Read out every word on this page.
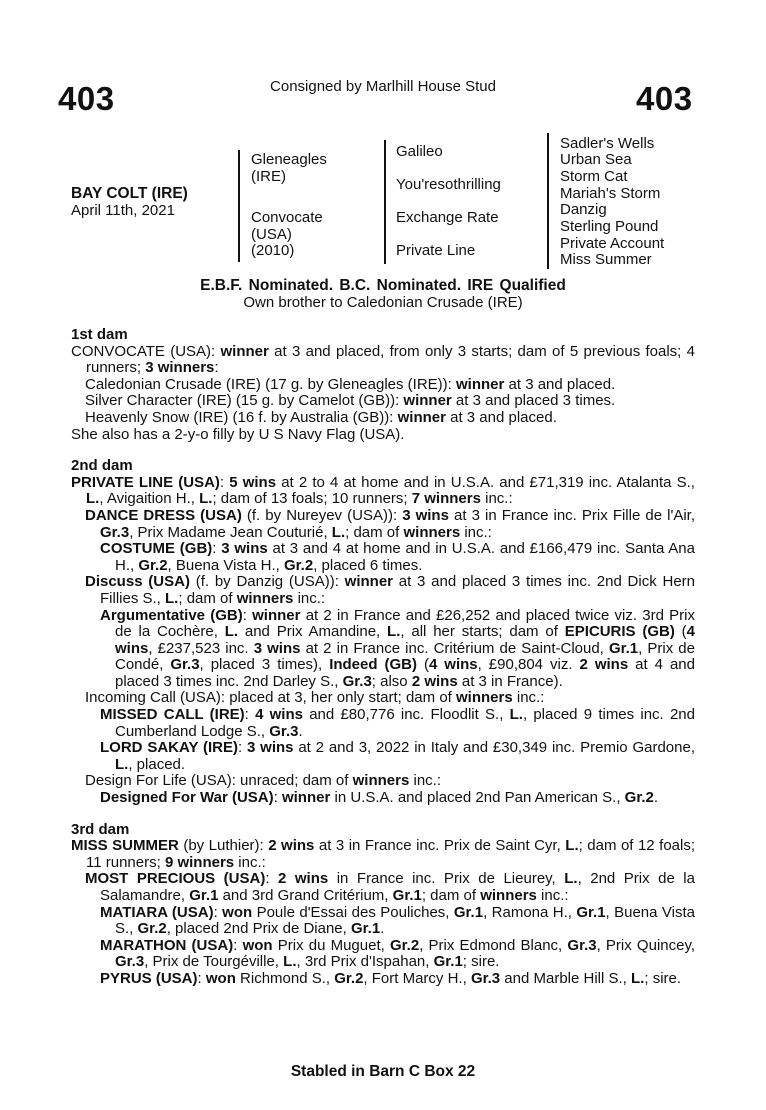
403	Consigned by Marlhill House Stud	403
BAY COLT (IRE)
April 11th, 2021
Gleneagles
(IRE)
Convocate
(USA)
(2010)
Galileo
You'resothrilling
Exchange Rate
Private Line
Sadler's Wells
Urban Sea
Storm Cat
Mariah's Storm
Danzig
Sterling Pound
Private Account
Miss Summer
E.B.F. Nominated. B.C. Nominated. IRE Qualified
Own brother to Caledonian Crusade (IRE)
1st dam
CONVOCATE (USA): winner at 3 and placed, from only 3 starts; dam of 5 previous foals; 4 runners; 3 winners:
Caledonian Crusade (IRE) (17 g. by Gleneagles (IRE)): winner at 3 and placed.
Silver Character (IRE) (15 g. by Camelot (GB)): winner at 3 and placed 3 times.
Heavenly Snow (IRE) (16 f. by Australia (GB)): winner at 3 and placed.
She also has a 2-y-o filly by U S Navy Flag (USA).
2nd dam
PRIVATE LINE (USA): 5 wins at 2 to 4 at home and in U.S.A. and £71,319 inc. Atalanta S., L., Avigaition H., L.; dam of 13 foals; 10 runners; 7 winners inc.:
DANCE DRESS (USA) (f. by Nureyev (USA)): 3 wins at 3 in France inc. Prix Fille de l'Air, Gr.3, Prix Madame Jean Couturié, L.; dam of winners inc.:
COSTUME (GB): 3 wins at 3 and 4 at home and in U.S.A. and £166,479 inc. Santa Ana H., Gr.2, Buena Vista H., Gr.2, placed 6 times.
Discuss (USA) (f. by Danzig (USA)): winner at 3 and placed 3 times inc. 2nd Dick Hern Fillies S., L.; dam of winners inc.:
Argumentative (GB): winner at 2 in France and £26,252 and placed twice viz. 3rd Prix de la Cochère, L. and Prix Amandine, L., all her starts; dam of EPICURIS (GB) (4 wins, £237,523 inc. 3 wins at 2 in France inc. Critérium de Saint-Cloud, Gr.1, Prix de Condé, Gr.3, placed 3 times), Indeed (GB) (4 wins, £90,804 viz. 2 wins at 4 and placed 3 times inc. 2nd Darley S., Gr.3; also 2 wins at 3 in France).
Incoming Call (USA): placed at 3, her only start; dam of winners inc.:
MISSED CALL (IRE): 4 wins and £80,776 inc. Floodlit S., L., placed 9 times inc. 2nd Cumberland Lodge S., Gr.3.
LORD SAKAY (IRE): 3 wins at 2 and 3, 2022 in Italy and £30,349 inc. Premio Gardone, L., placed.
Design For Life (USA): unraced; dam of winners inc.:
Designed For War (USA): winner in U.S.A. and placed 2nd Pan American S., Gr.2.
3rd dam
MISS SUMMER (by Luthier): 2 wins at 3 in France inc. Prix de Saint Cyr, L.; dam of 12 foals; 11 runners; 9 winners inc.:
MOST PRECIOUS (USA): 2 wins in France inc. Prix de Lieurey, L., 2nd Prix de la Salamandre, Gr.1 and 3rd Grand Critérium, Gr.1; dam of winners inc.:
MATIARA (USA): won Poule d'Essai des Pouliches, Gr.1, Ramona H., Gr.1, Buena Vista S., Gr.2, placed 2nd Prix de Diane, Gr.1.
MARATHON (USA): won Prix du Muguet, Gr.2, Prix Edmond Blanc, Gr.3, Prix Quincey, Gr.3, Prix de Tourgéville, L., 3rd Prix d'Ispahan, Gr.1; sire.
PYRUS (USA): won Richmond S., Gr.2, Fort Marcy H., Gr.3 and Marble Hill S., L.; sire.
Stabled in Barn C Box 22
